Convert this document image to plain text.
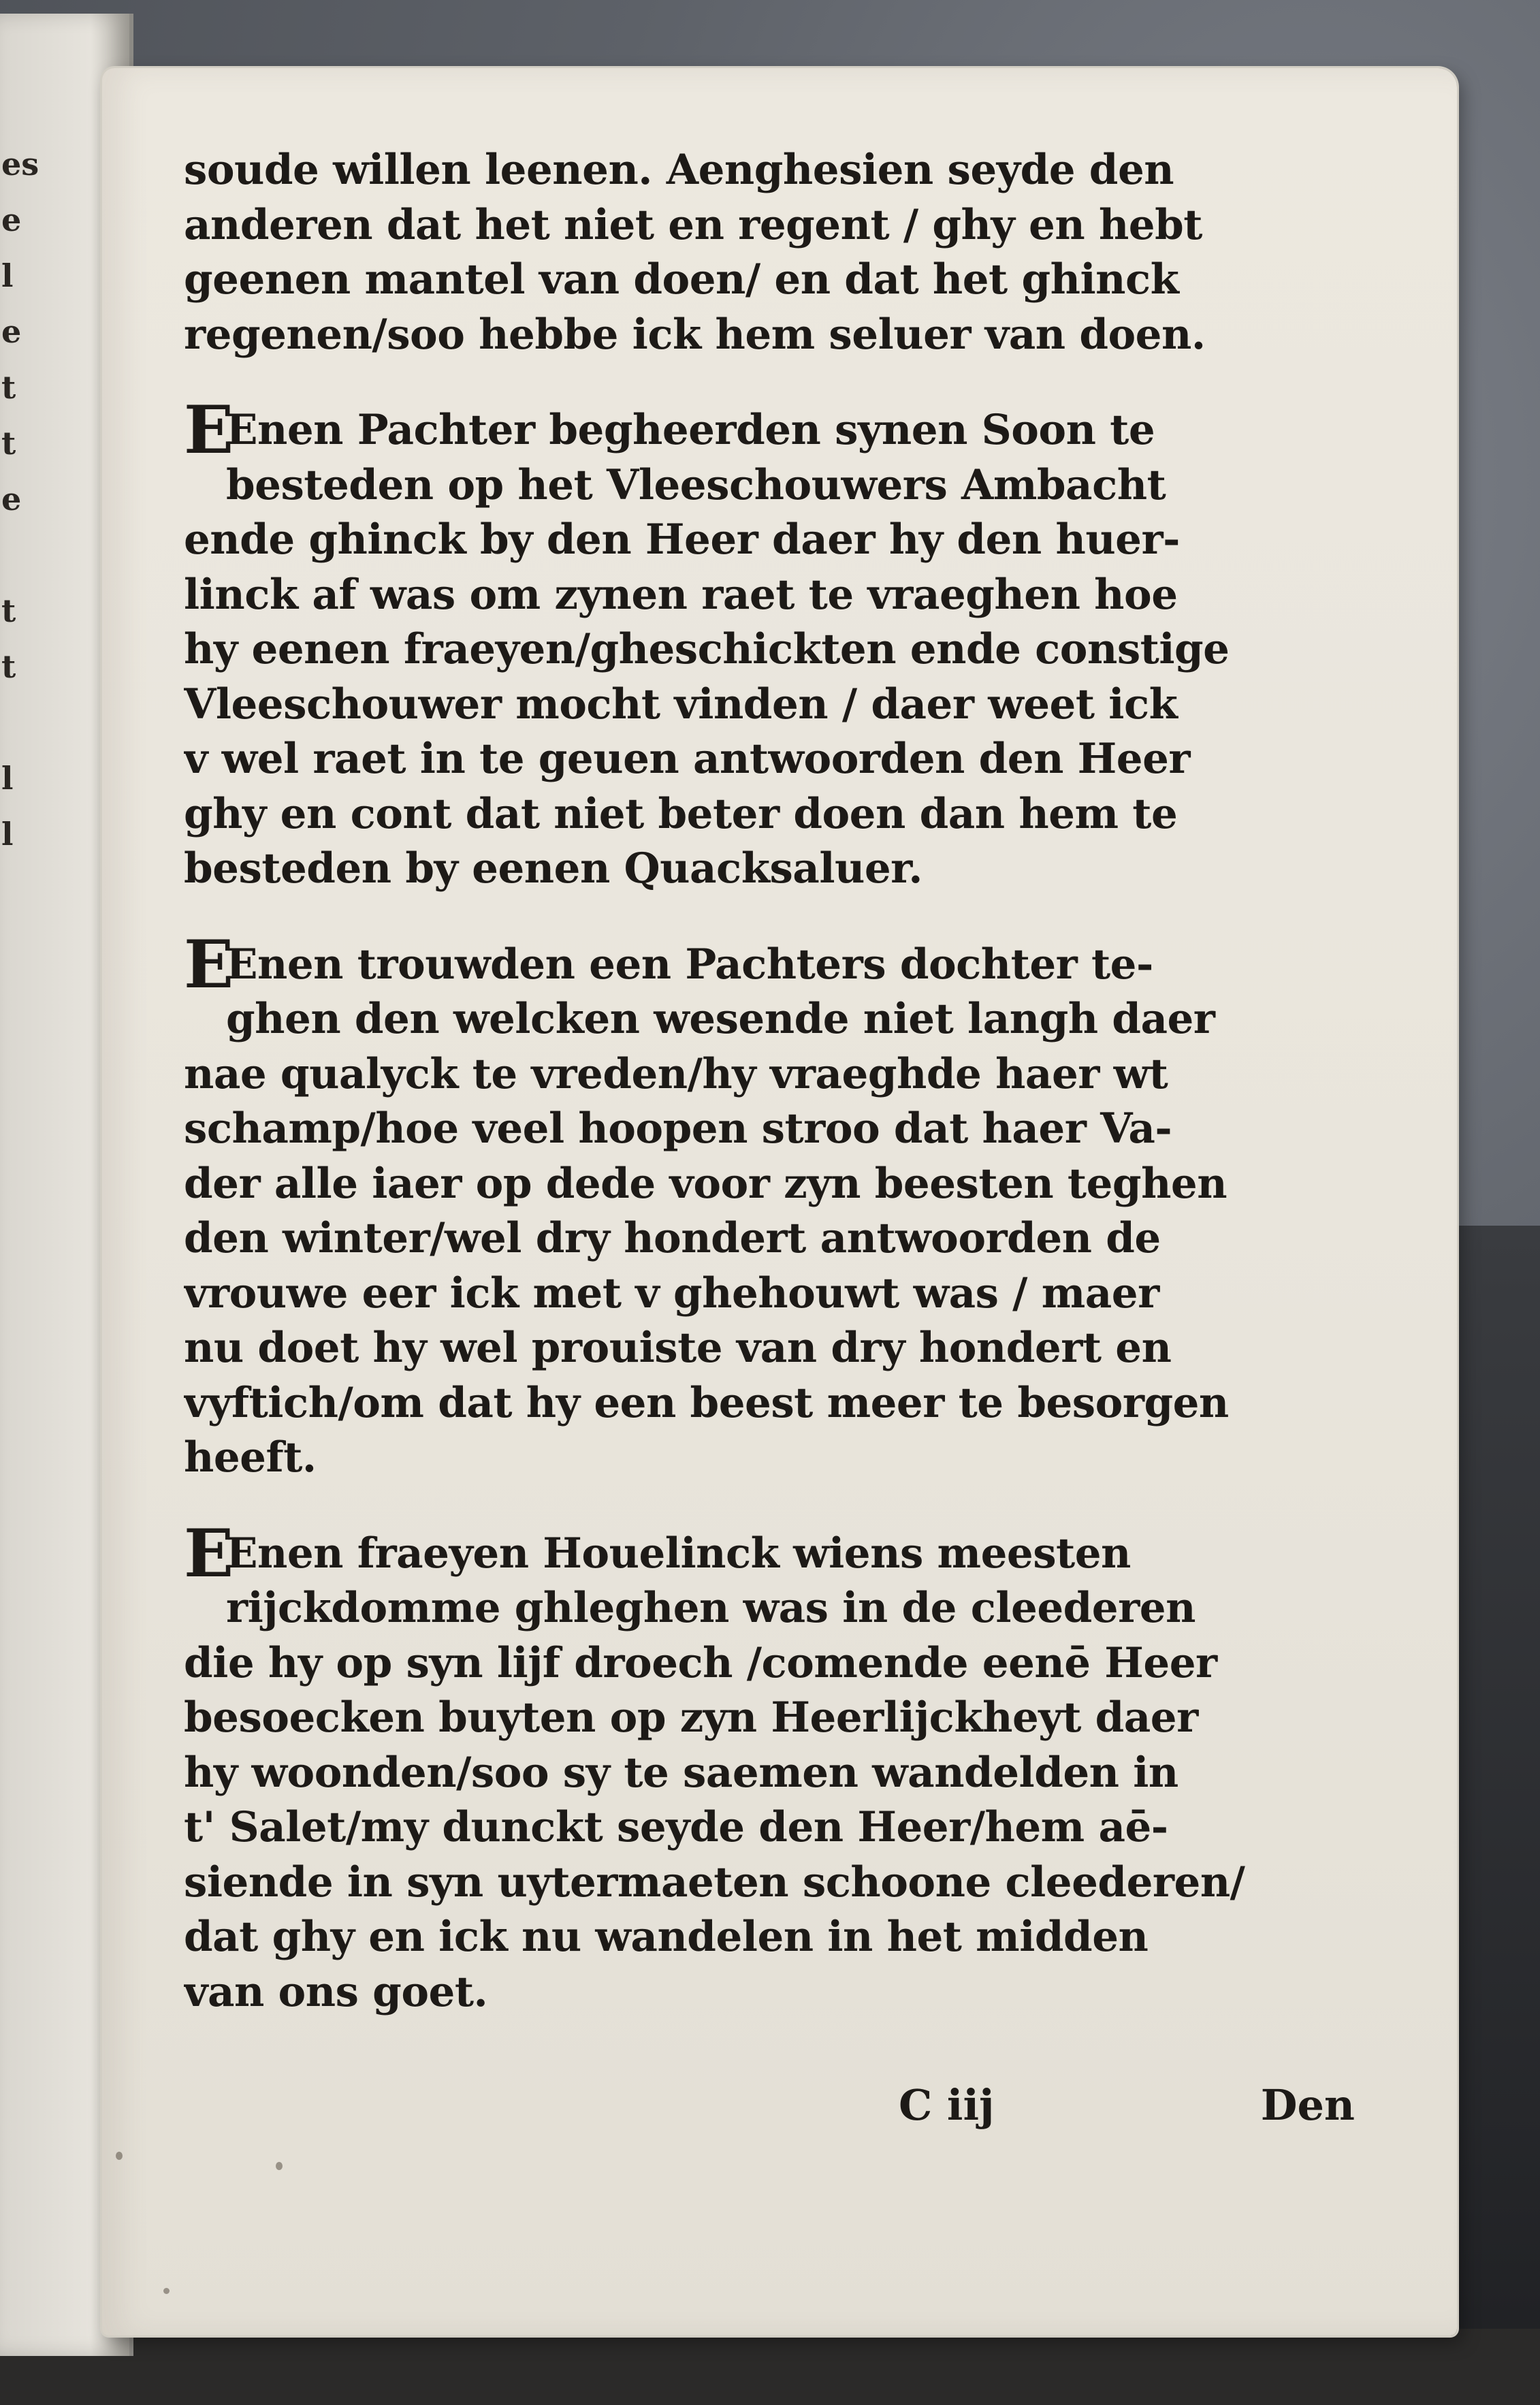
es
e
l
e
t
t
e
t
t
l
l
soude willen leenen. Aenghesien seyde den
anderen dat het niet en regent / ghy en hebt
geenen mantel van doen/ en dat het ghinck
regenen/soo hebbe ick hem seluer van doen.
EEnen Pachter begheerden synen Soon te
besteden op het Vleeschouwers Ambacht
ende ghinck by den Heer daer hy den huer-
linck af was om zynen raet te vraeghen hoe
hy eenen fraeyen/gheschickten ende constige
Vleeschouwer mocht vinden / daer weet ick
v wel raet in te geuen antwoorden den Heer
ghy en cont dat niet beter doen dan hem te
besteden by eenen Quacksaluer.
EEnen trouwden een Pachters dochter te-
ghen den welcken wesende niet langh daer
nae qualyck te vreden/hy vraeghde haer wt
schamp/hoe veel hoopen stroo dat haer Va-
der alle iaer op dede voor zyn beesten teghen
den winter/wel dry hondert antwoorden de
vrouwe eer ick met v ghehouwt was / maer
nu doet hy wel prouiste van dry hondert en
vyftich/om dat hy een beest meer te besorgen
heeft.
EEnen fraeyen Houelinck wiens meesten
rijckdomme ghleghen was in de cleederen
die hy op syn lijf droech /comende eenē Heer
besoecken buyten op zyn Heerlijckheyt daer
hy woonden/soo sy te saemen wandelden in
t' Salet/my dunckt seyde den Heer/hem aē-
siende in syn uytermaeten schoone cleederen/
dat ghy en ick nu wandelen in het midden
van ons goet.
C iij	Den
